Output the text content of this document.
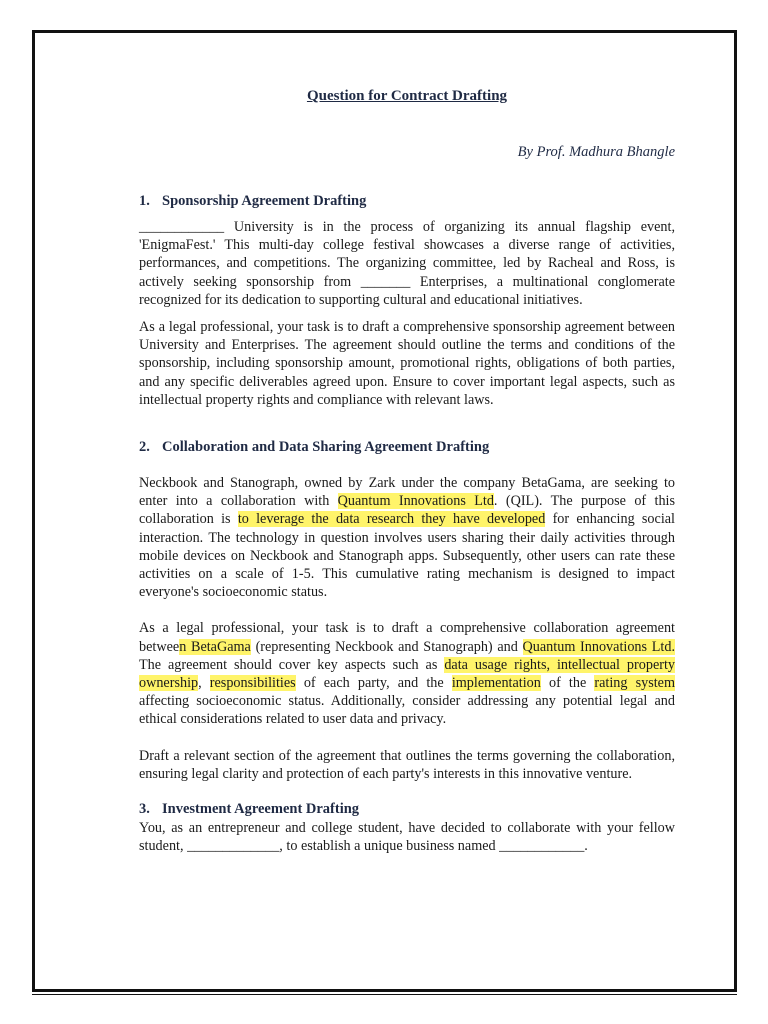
Question for Contract Drafting
By Prof. Madhura Bhangle
1. Sponsorship Agreement Drafting

____________ University is in the process of organizing its annual flagship event, 'EnigmaFest.' This multi-day college festival showcases a diverse range of activities, performances, and competitions. The organizing committee, led by Racheal and Ross, is actively seeking sponsorship from _______ Enterprises, a multinational conglomerate recognized for its dedication to supporting cultural and educational initiatives.

As a legal professional, your task is to draft a comprehensive sponsorship agreement between University and Enterprises. The agreement should outline the terms and conditions of the sponsorship, including sponsorship amount, promotional rights, obligations of both parties, and any specific deliverables agreed upon. Ensure to cover important legal aspects, such as intellectual property rights and compliance with relevant laws.

2. Collaboration and Data Sharing Agreement Drafting

Neckbook and Stanograph, owned by Zark under the company BetaGama, are seeking to enter into a collaboration with Quantum Innovations Ltd. (QIL). The purpose of this collaboration is to leverage the data research they have developed for enhancing social interaction. The technology in question involves users sharing their daily activities through mobile devices on Neckbook and Stanograph apps. Subsequently, other users can rate these activities on a scale of 1-5. This cumulative rating mechanism is designed to impact everyone's socioeconomic status.

As a legal professional, your task is to draft a comprehensive collaboration agreement between BetaGama (representing Neckbook and Stanograph) and Quantum Innovations Ltd. The agreement should cover key aspects such as data usage rights, intellectual property ownership, responsibilities of each party, and the implementation of the rating system affecting socioeconomic status. Additionally, consider addressing any potential legal and ethical considerations related to user data and privacy.

Draft a relevant section of the agreement that outlines the terms governing the collaboration, ensuring legal clarity and protection of each party's interests in this innovative venture.

3. Investment Agreement Drafting

You, as an entrepreneur and college student, have decided to collaborate with your fellow student, _____________, to establish a unique business named ____________.
